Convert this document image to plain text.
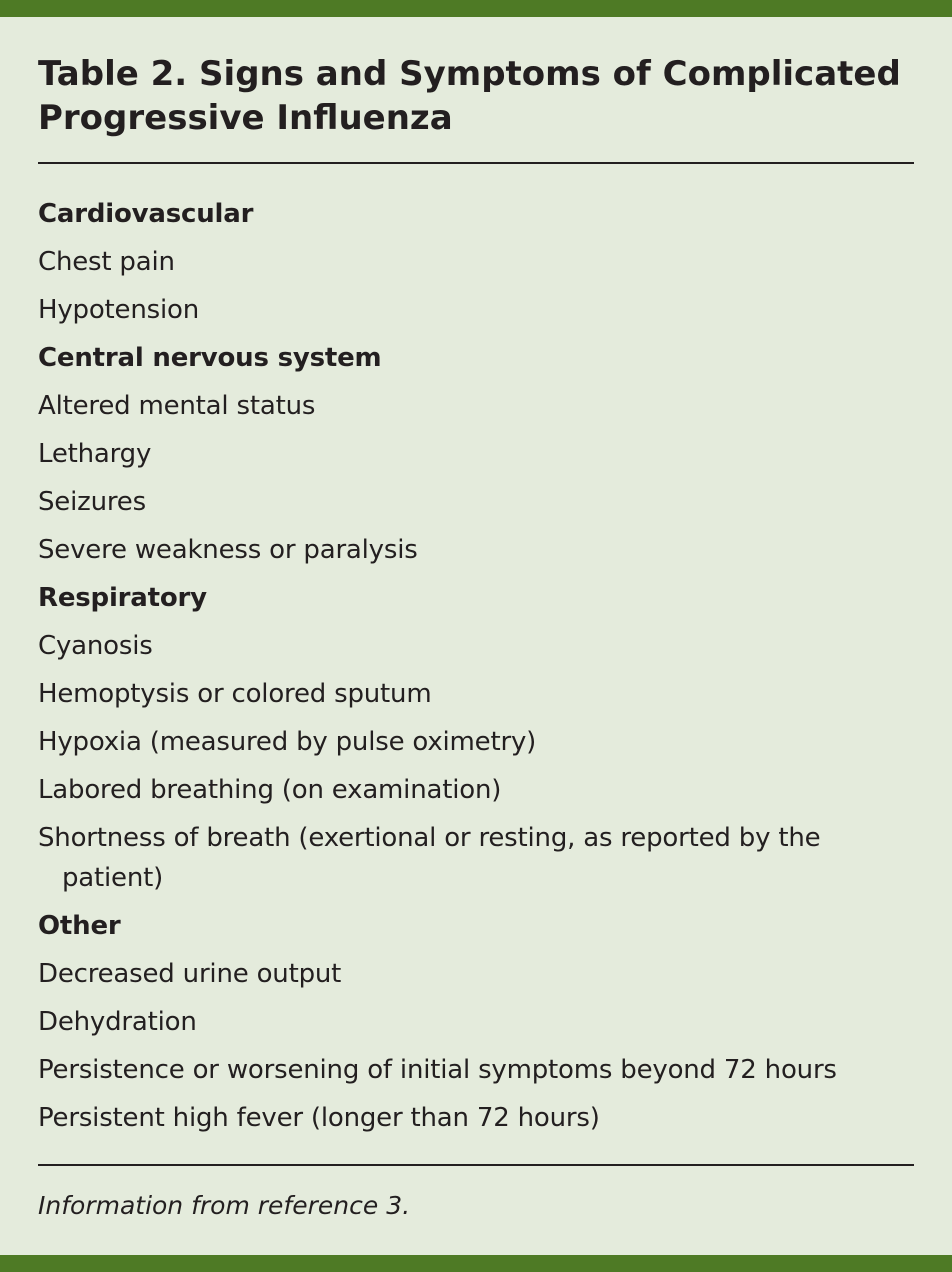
Table 2. Signs and Symptoms of Complicated Progressive Influenza
Cardiovascular
Chest pain
Hypotension
Central nervous system
Altered mental status
Lethargy
Seizures
Severe weakness or paralysis
Respiratory
Cyanosis
Hemoptysis or colored sputum
Hypoxia (measured by pulse oximetry)
Labored breathing (on examination)
Shortness of breath (exertional or resting, as reported by the patient)
Other
Decreased urine output
Dehydration
Persistence or worsening of initial symptoms beyond 72 hours
Persistent high fever (longer than 72 hours)
Information from reference 3.
